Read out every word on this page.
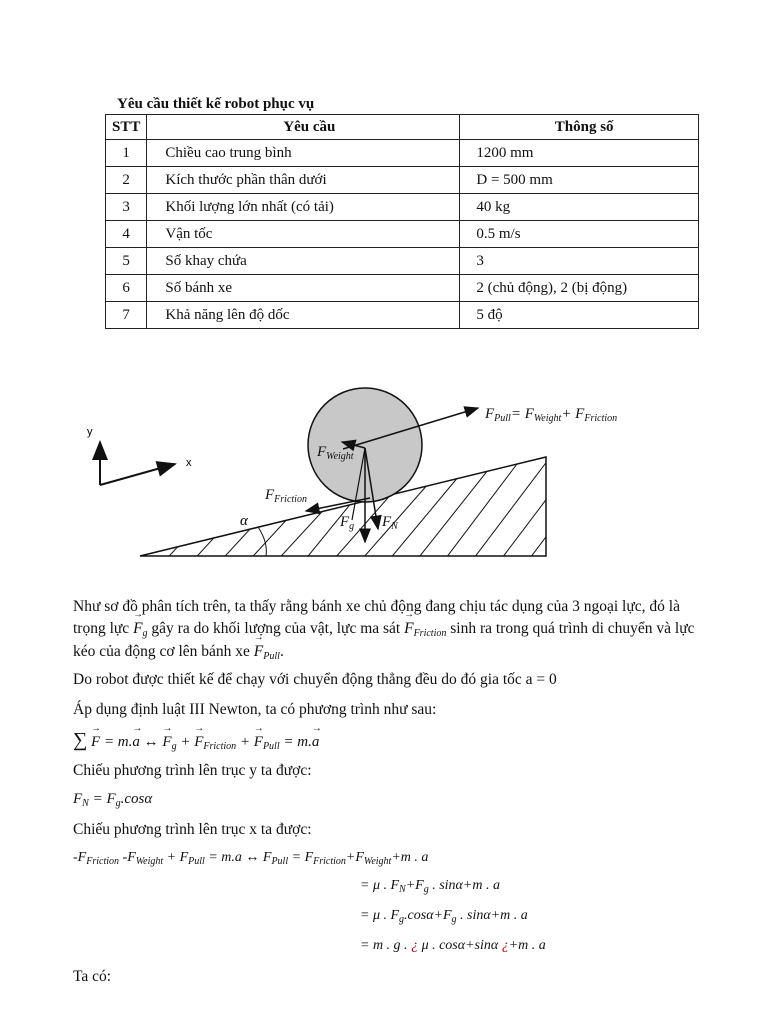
Yêu cầu thiết kế robot phục vụ
STT	Yêu cầu	Thông số
1	Chiều cao trung bình	1200 mm
2	Kích thước phần thân dưới	D = 500 mm
3	Khối lượng lớn nhất (có tải)	40 kg
4	Vận tốc	0.5 m/s
5	Số khay chứa	3
6	Số bánh xe	2 (chủ động), 2 (bị động)
7	Khả năng lên độ dốc	5 độ
y
x
α
$F_{Pull}= F_{Weight}+ F_{Friction}$
$F_{Weight}$
$F_{Friction}$
$F_g$ $F_N$
Như sơ đồ phân tích trên, ta thấy rằng bánh xe chủ động đang chịu tác dụng của 3 ngoại lực, đó là
trọng lực → $F_g$ gây ra do khối lượng của vật, lực ma sát → $F_{Friction}$ sinh ra trong quá trình di chuyển và lực
kéo của động cơ lên bánh xe → $F_{Pull}$.
Do robot được thiết kế để chạy với chuyển động thẳng đều do đó gia tốc a = 0
Áp dụng định luật III Newton, ta có phương trình như sau:
∑ → F = m.→ a ↔ → $F_g$ + → $F_{Friction}$ + → $F_{Pull} = m.\to a$
Chiếu phương trình lên trục y ta được:
$F_N = F_g.\cos\alpha$
Chiếu phương trình lên trục x ta được:
$-F_{Friction}$ $-F_{Weight} + F_{Pull} = m.a$ ↔ $F_{Pull} = F_{Friction}+F_{Weight}+m$ . a
= μ . $F_N+F_g$ . sinα+m . a
= μ . $F_g.\cos\alpha+F_g$ . sinα+m . a
= m . g . ¿ μ . cosα+sinα ¿+m . a
Ta có:
